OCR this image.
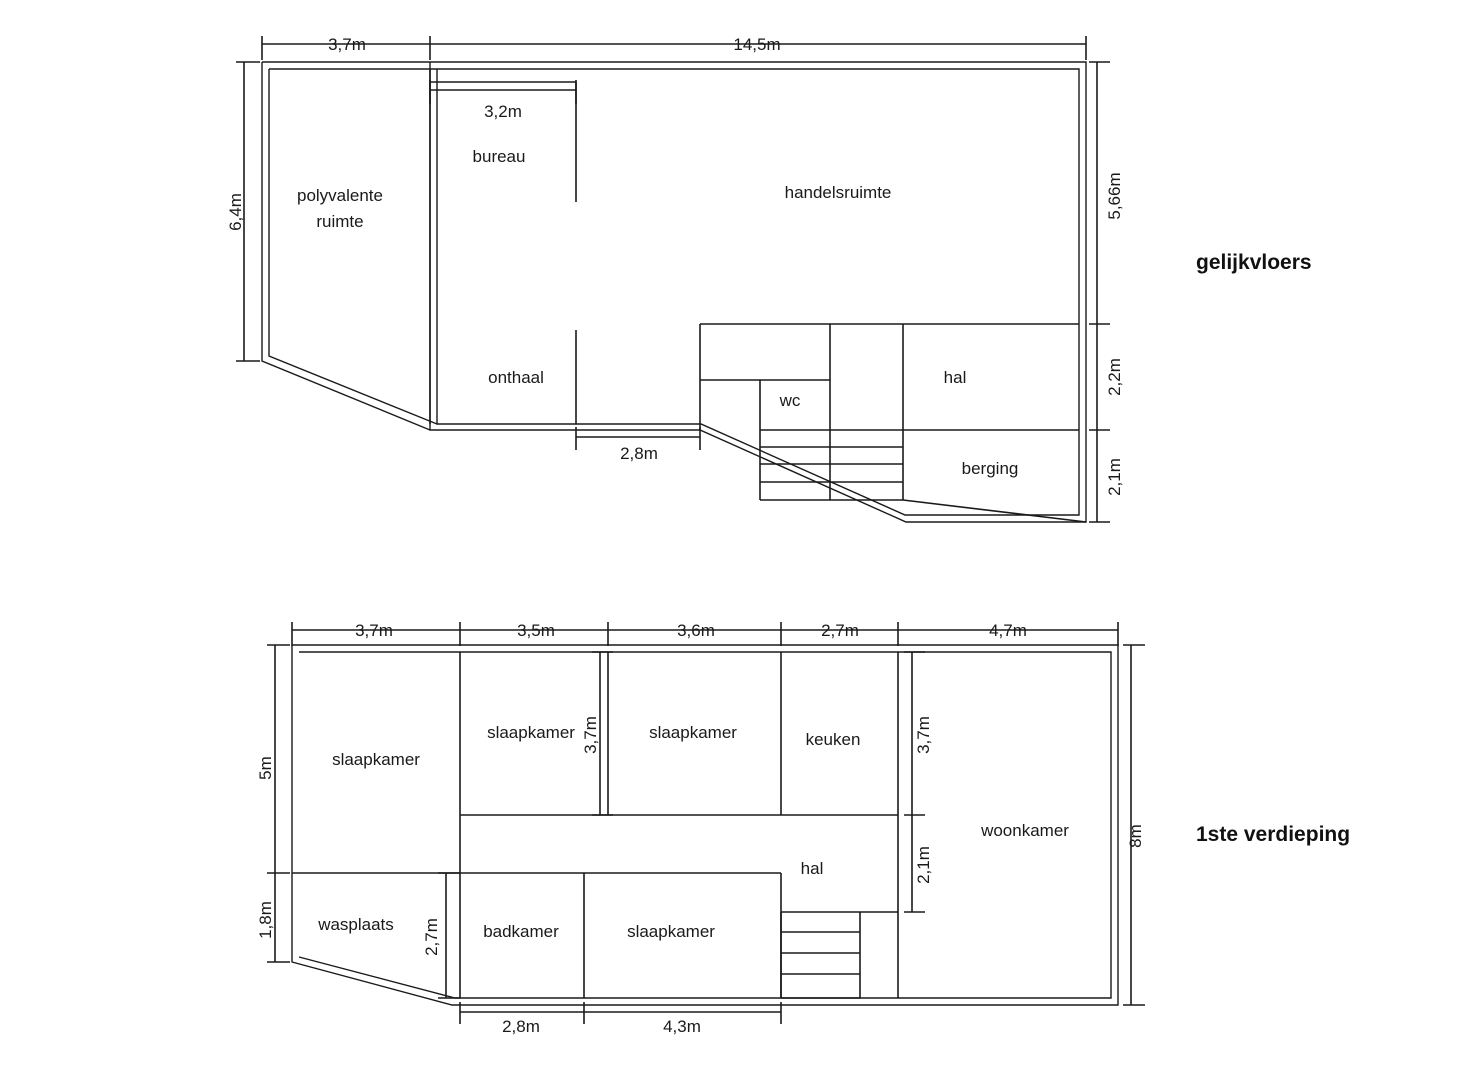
polyvalente
ruimte
bureau
handelsruimte
onthaal
wc
hal
berging
3,7m	14,5m
3,2m
2,8m
6,4m	5,66m
2,2m
2,1m
slaapkamer
slaapkamer	slaapkamer	keuken
woonkamer
hal
wasplaats	badkamer	slaapkamer
3,7m	3,5m	3,6m	2,7m	4,7m
5m
1,8m	2,7m
3,7m	3,7m
2,1m
8m
2,8m	4,3m
gelijkvloers
1ste verdieping
